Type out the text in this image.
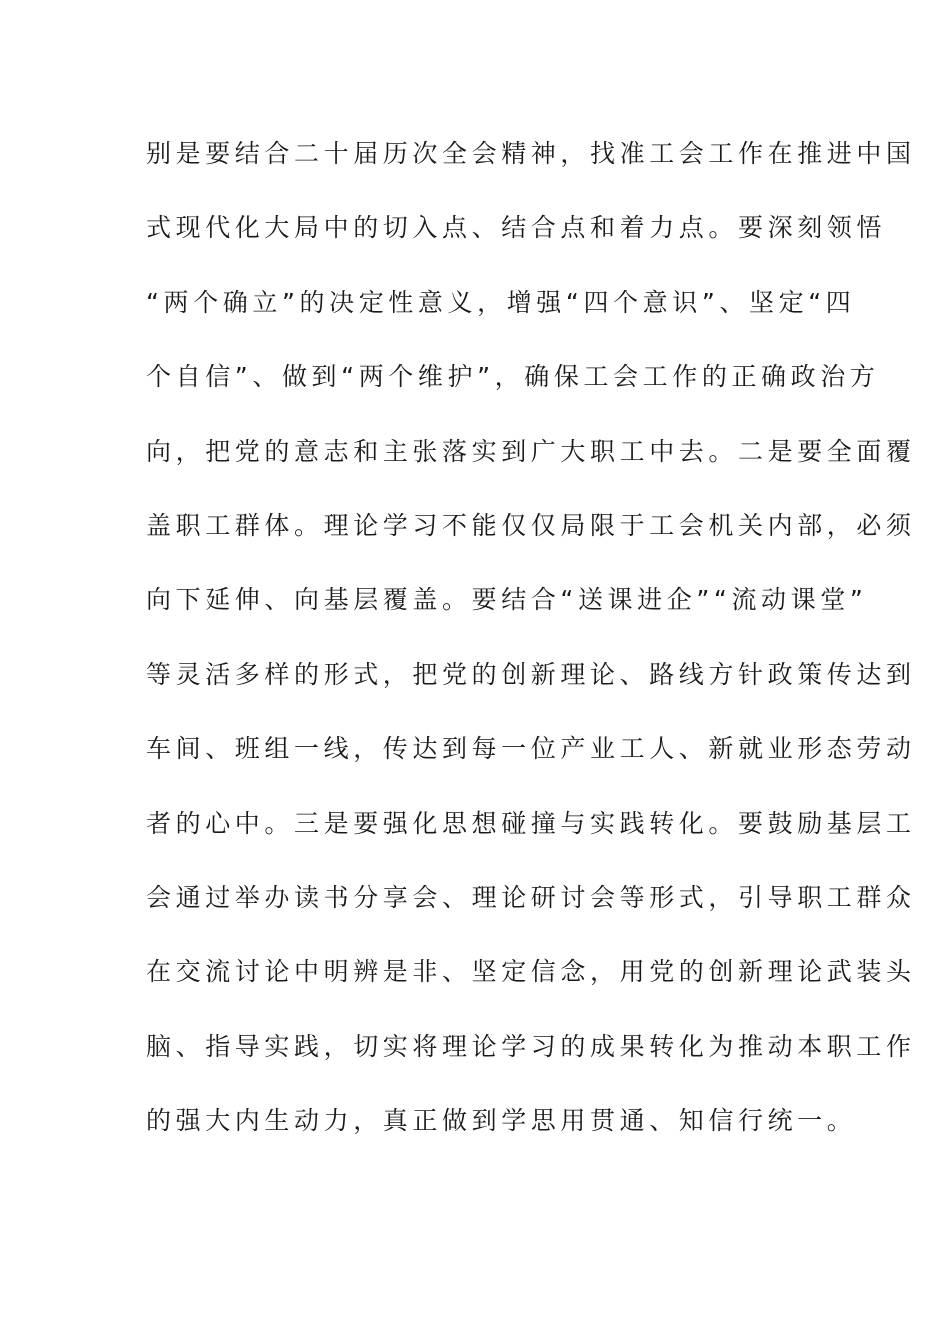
别是要结合二十届历次全会精神，找准工会工作在推进中国
式现代化大局中的切入点、结合点和着力点。要深刻领悟
“两个确立”的决定性意义，增强“四个意识”、坚定“四
个自信”、做到“两个维护”，确保工会工作的正确政治方
向，把党的意志和主张落实到广大职工中去。二是要全面覆
盖职工群体。理论学习不能仅仅局限于工会机关内部，必须
向下延伸、向基层覆盖。要结合“送课进企”“流动课堂”
等灵活多样的形式，把党的创新理论、路线方针政策传达到
车间、班组一线，传达到每一位产业工人、新就业形态劳动
者的心中。三是要强化思想碰撞与实践转化。要鼓励基层工
会通过举办读书分享会、理论研讨会等形式，引导职工群众
在交流讨论中明辨是非、坚定信念，用党的创新理论武装头
脑、指导实践，切实将理论学习的成果转化为推动本职工作
的强大内生动力，真正做到学思用贯通、知信行统一。
